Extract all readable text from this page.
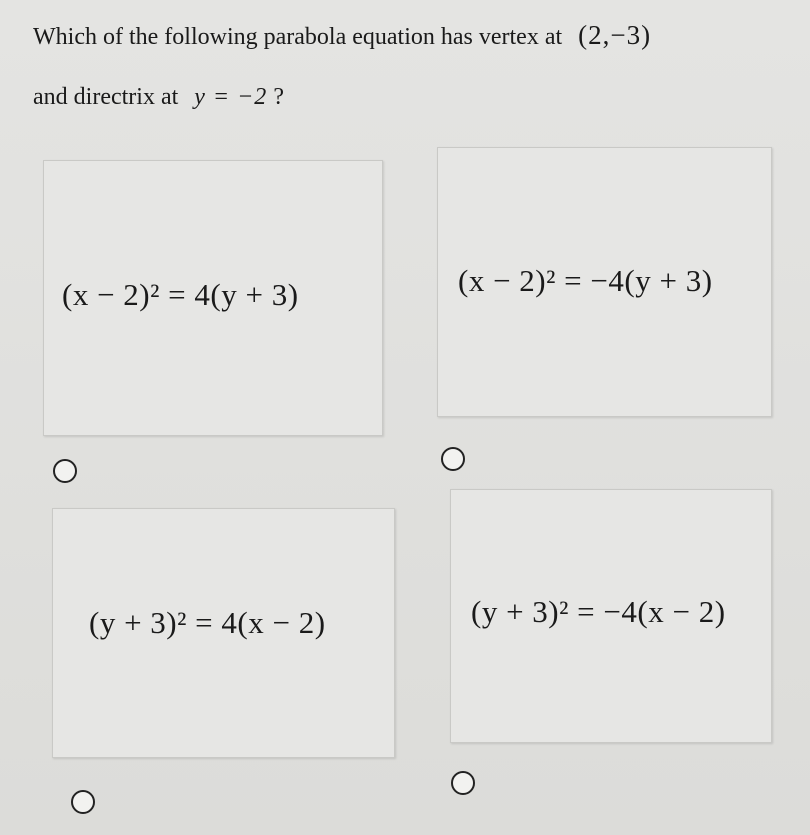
Which of the following parabola equation has vertex at (2,−3)
and directrix at y = −2 ?
(x − 2)² = 4(y + 3)	(x − 2)² = −4(y + 3)
(y + 3)² = 4(x − 2)	(y + 3)² = −4(x − 2)
